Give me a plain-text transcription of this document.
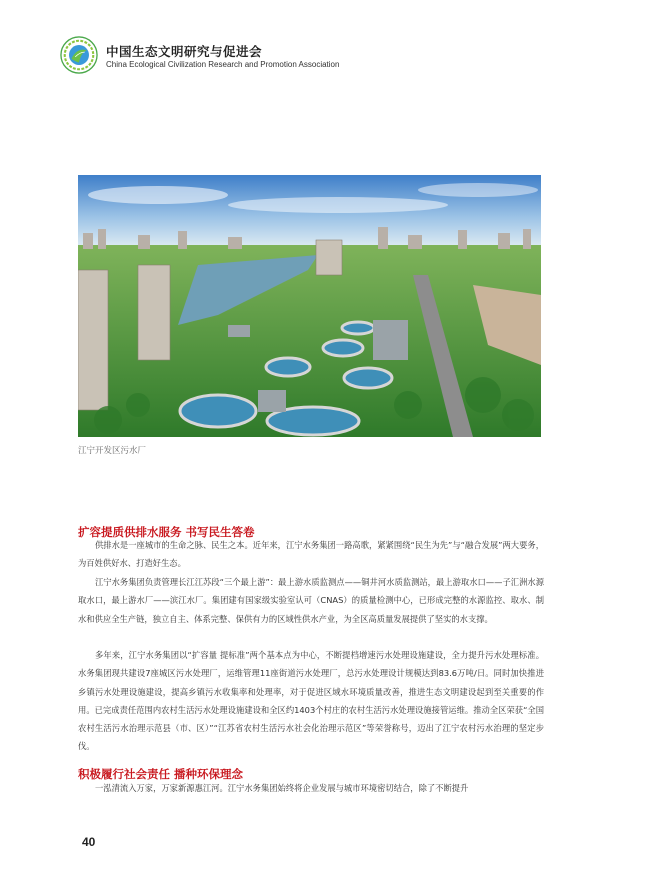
中国生态文明研究与促进会
China Ecological Civilization Research and Promotion Association
江宁开发区污水厂
扩容提质供排水服务 书写民生答卷

供排水是一座城市的生命之脉、民生之本。近年来，江宁水务集团一路高歌，紧紧围绕“民生为先”与“融合发展”两大要务，为百姓供好水、打造好生态。

江宁水务集团负责管理长江江苏段“三个最上游”：最上游水质监测点——铜井河水质监测站，最上游取水口——子汇洲水源取水口，最上游水厂——滨江水厂。集团建有国家级实验室认可（CNAS）的质量检测中心，已形成完整的水源监控、取水、制水和供应全生产链，独立自主、体系完整、保供有力的区域性供水产业，为全区高质量发展提供了坚实的水支撑。

多年来，江宁水务集团以“扩容量 提标准”两个基本点为中心，不断提档增速污水处理设施建设，全力提升污水处理标准。水务集团现共建设7座城区污水处理厂，运维管理11座街道污水处理厂，总污水处理设计规模达到83.6万吨/日。同时加快推进乡镇污水处理设施建设，提高乡镇污水收集率和处理率，对于促进区域水环境质量改善，推进生态文明建设起到至关重要的作用。已完成责任范围内农村生活污水处理设施建设和全区约1403个村庄的农村生活污水处理设施接管运维。推动全区荣获“全国农村生活污水治理示范县（市、区）”“江苏省农村生活污水社会化治理示范区”等荣誉称号，迈出了江宁农村污水治理的坚定步伐。

积极履行社会责任 播种环保理念

一泓清流入万家，万家新源惠江河。江宁水务集团始终将企业发展与城市环境密切结合，除了不断提升

40
